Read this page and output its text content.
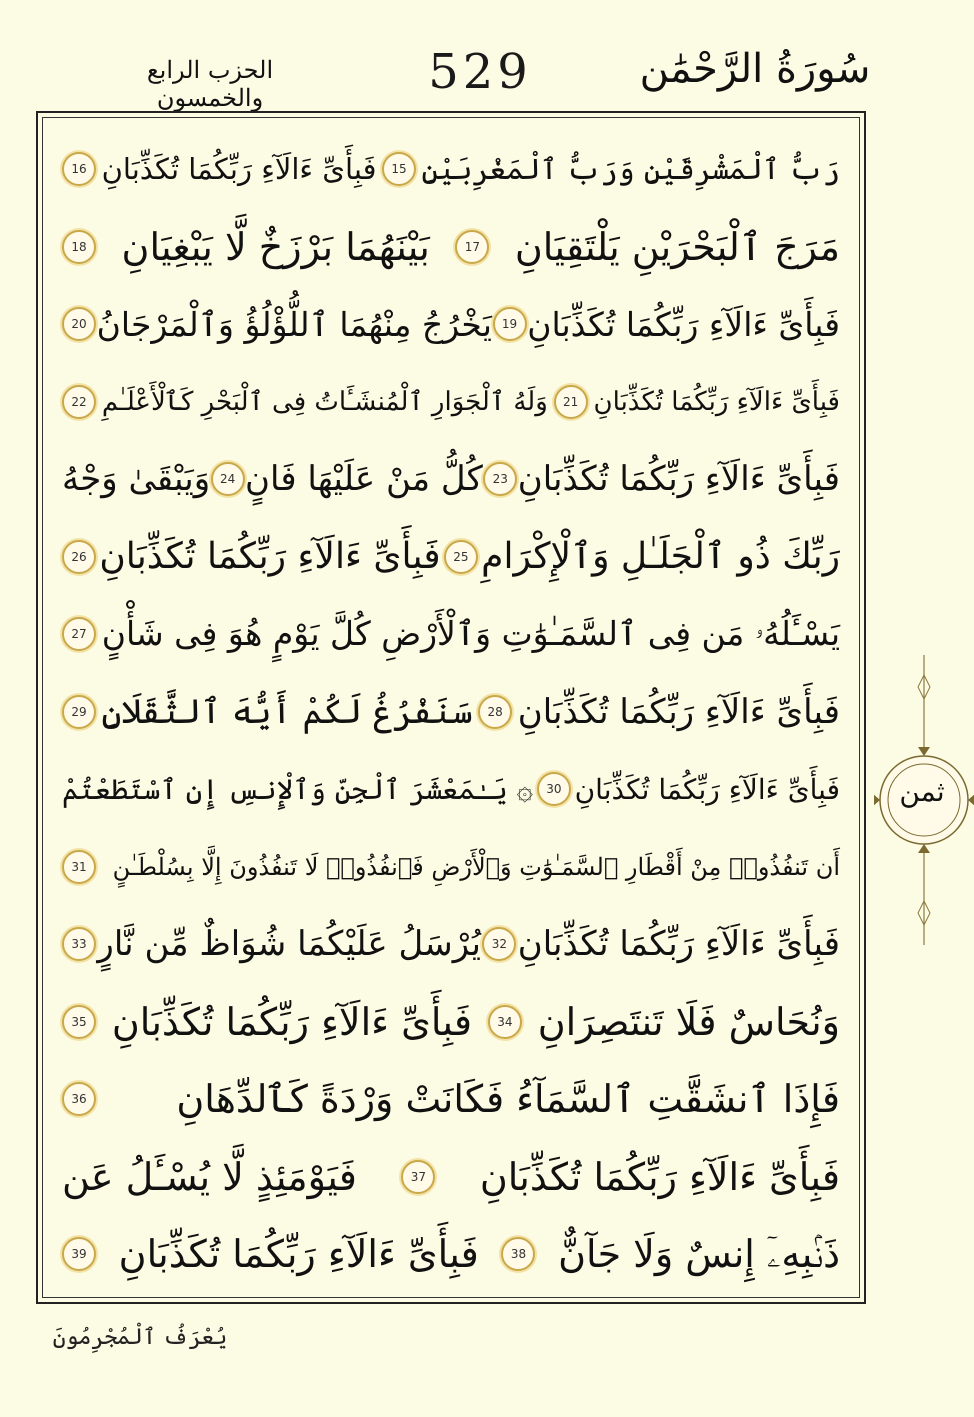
الحزب الرابع والخمسون	529	سُورَةُ الرَّحْمَٰن
رَبُّ ٱلْمَشْرِقَيْنِ وَرَبُّ ٱلْمَغْرِبَيْنِ
15
فَبِأَىِّ ءَالَآءِ رَبِّكُمَا تُكَذِّبَانِ
16
مَرَجَ ٱلْبَحْرَيْنِ يَلْتَقِيَانِ
17
بَيْنَهُمَا بَرْزَخٌ لَّا يَبْغِيَانِ
18
فَبِأَىِّ ءَالَآءِ رَبِّكُمَا تُكَذِّبَانِ
19
يَخْرُجُ مِنْهُمَا ٱللُّؤْلُؤُ وَٱلْمَرْجَانُ
20
فَبِأَىِّ ءَالَآءِ رَبِّكُمَا تُكَذِّبَانِ
21
وَلَهُ ٱلْجَوَارِ ٱلْمُنشَـَٔاتُ فِى ٱلْبَحْرِ كَٱلْأَعْلَـٰمِ
22
فَبِأَىِّ ءَالَآءِ رَبِّكُمَا تُكَذِّبَانِ
23
كُلُّ مَنْ عَلَيْهَا فَانٍ
24
وَيَبْقَىٰ وَجْهُ
رَبِّكَ ذُو ٱلْجَلَـٰلِ وَٱلْإِكْرَامِ
25
فَبِأَىِّ ءَالَآءِ رَبِّكُمَا تُكَذِّبَانِ
26
يَسْـَٔلُهُۥ مَن فِى ٱلسَّمَـٰوَٰتِ وَٱلْأَرْضِ كُلَّ يَوْمٍ هُوَ فِى شَأْنٍ
27
فَبِأَىِّ ءَالَآءِ رَبِّكُمَا تُكَذِّبَانِ
28
سَنَفْرُغُ لَكُمْ أَيُّهَ ٱلثَّقَلَانِ
29
فَبِأَىِّ ءَالَآءِ رَبِّكُمَا تُكَذِّبَانِ
30
۞ يَـٰمَعْشَرَ ٱلْجِنِّ وَٱلْإِنسِ إِنِ ٱسْتَطَعْتُمْ
أَن تَنفُذُوا۟ مِنْ أَقْطَارِ ٱلسَّمَـٰوَٰتِ وَٱلْأَرْضِ فَٱنفُذُوا۟ لَا تَنفُذُونَ إِلَّا بِسُلْطَـٰنٍ
31
فَبِأَىِّ ءَالَآءِ رَبِّكُمَا تُكَذِّبَانِ
32
يُرْسَلُ عَلَيْكُمَا شُوَاظٌ مِّن نَّارٍ
33
وَنُحَاسٌ فَلَا تَنتَصِرَانِ
34
فَبِأَىِّ ءَالَآءِ رَبِّكُمَا تُكَذِّبَانِ
35
فَإِذَا ٱنشَقَّتِ ٱلسَّمَآءُ فَكَانَتْ وَرْدَةً كَٱلدِّهَانِ
36
فَبِأَىِّ ءَالَآءِ رَبِّكُمَا تُكَذِّبَانِ
37
فَيَوْمَئِذٍ لَّا يُسْـَٔلُ عَن
ذَنۢبِهِۦٓ إِنسٌ وَلَا جَآنٌّ
38
فَبِأَىِّ ءَالَآءِ رَبِّكُمَا تُكَذِّبَانِ
39
ثمن
يُعْرَفُ ٱلْمُجْرِمُونَ
